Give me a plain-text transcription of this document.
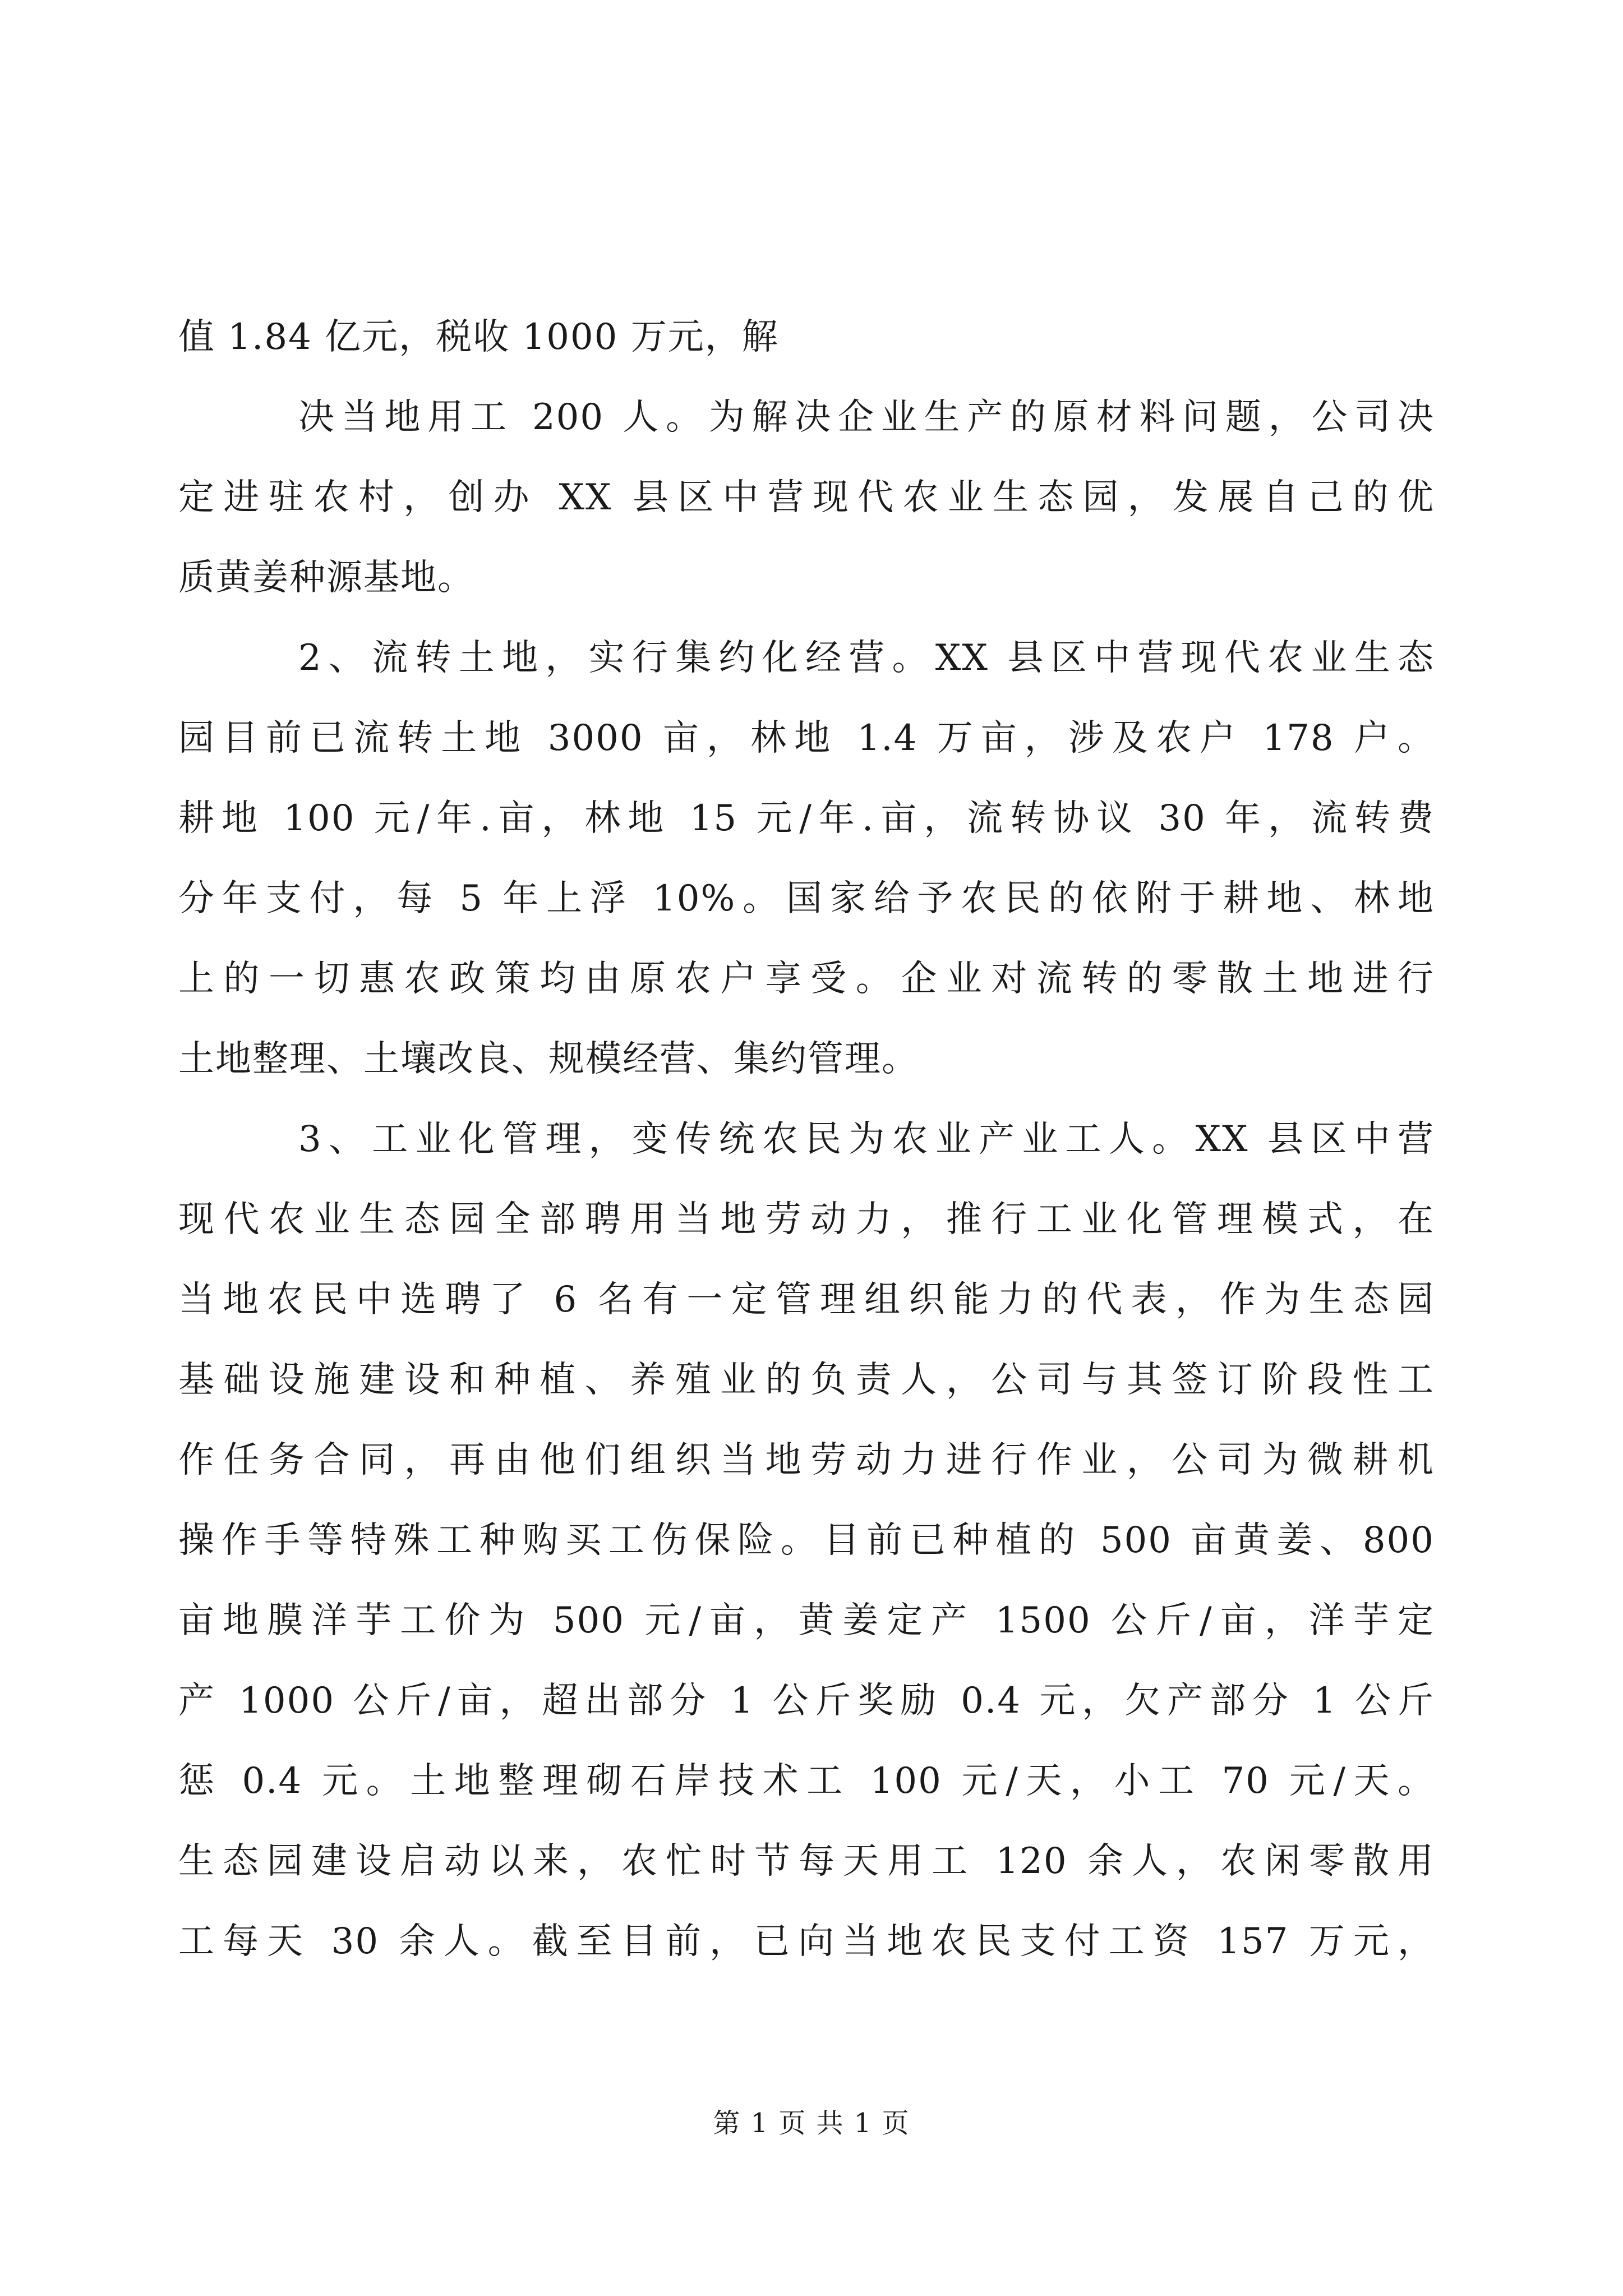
值 1.84 亿元，税收 1000 万元，解
决当地用工 200 人。为解决企业生产的原材料问题，公司决
定进驻农村，创办 XX 县区中营现代农业生态园，发展自己的优
质黄姜种源基地。
2、流转土地，实行集约化经营。XX 县区中营现代农业生态
园目前已流转土地 3000 亩，林地 1.4 万亩，涉及农户 178 户。
耕地 100 元/年.亩，林地 15 元/年.亩，流转协议 30 年，流转费
分年支付，每 5 年上浮 10%。国家给予农民的依附于耕地、林地
上的一切惠农政策均由原农户享受。企业对流转的零散土地进行
土地整理、土壤改良、规模经营、集约管理。
3、工业化管理，变传统农民为农业产业工人。XX 县区中营
现代农业生态园全部聘用当地劳动力，推行工业化管理模式，在
当地农民中选聘了 6 名有一定管理组织能力的代表，作为生态园
基础设施建设和种植、养殖业的负责人，公司与其签订阶段性工
作任务合同，再由他们组织当地劳动力进行作业，公司为微耕机
操作手等特殊工种购买工伤保险。目前已种植的 500 亩黄姜、800
亩地膜洋芋工价为 500 元/亩，黄姜定产 1500 公斤/亩，洋芋定
产 1000 公斤/亩，超出部分 1 公斤奖励 0.4 元，欠产部分 1 公斤
惩 0.4 元。土地整理砌石岸技术工 100 元/天，小工 70 元/天。
生态园建设启动以来，农忙时节每天用工 120 余人，农闲零散用
工每天 30 余人。截至目前，已向当地农民支付工资 157 万元，
第 1 页 共 1 页
